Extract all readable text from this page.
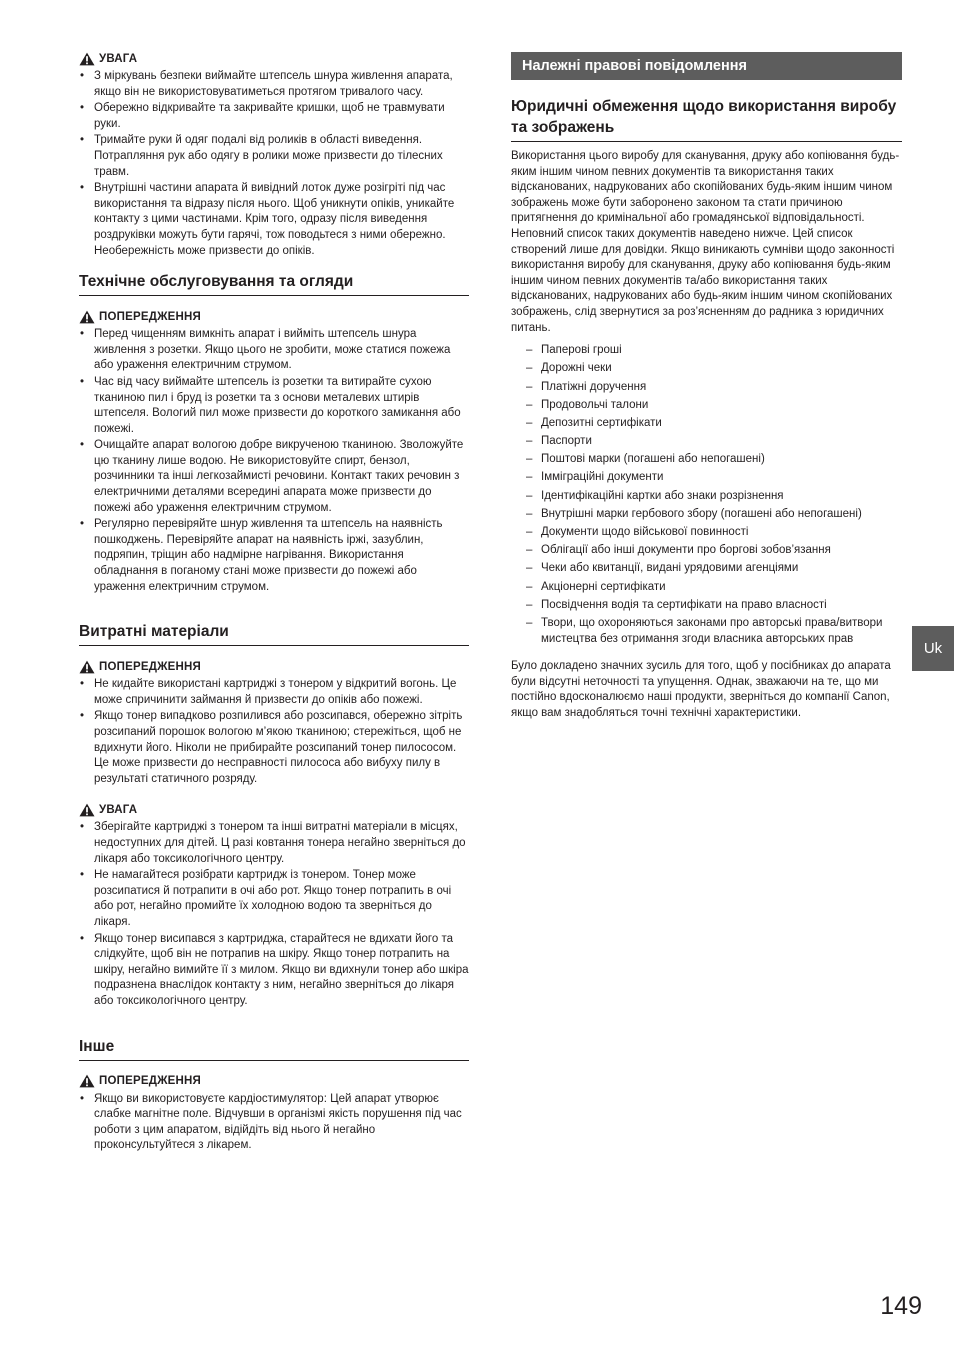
УВАГА
• З міркувань безпеки виймайте штепсель шнура живлення апарата, якщо він не використовуватиметься протягом тривалого часу.
• Обережно відкривайте та закривайте кришки, щоб не травмувати руки.
• Тримайте руки й одяг подалі від роликів в області виведення. Потрапляння рук або одягу в ролики може призвести до тілесних травм.
• Внутрішні частини апарата й вивідний лоток дуже розігріті під час використання та відразу після нього. Щоб уникнути опіків, уникайте контакту з цими частинами. Крім того, одразу після виведення роздруківки можуть бути гарячі, тож поводьтеся з ними обережно. Необережність може призвести до опіків.
Технічне обслуговування та огляди
ПОПЕРЕДЖЕННЯ
• Перед чищенням вимкніть апарат і вийміть штепсель шнура живлення з розетки. Якщо цього не зробити, може статися пожежа або ураження електричним струмом.
• Час від часу виймайте штепсель із розетки та витирайте сухою тканиною пил і бруд із розетки та з основи металевих штирів штепселя. Вологий пил може призвести до короткого замикання або пожежі.
• Очищайте апарат вологою добре викрученою тканиною. Зволожуйте цю тканину лише водою. Не використовуйте спирт, бензол, розчинники та інші легкозаймисті речовини. Контакт таких речовин з електричними деталями всередині апарата може призвести до пожежі або ураження електричним струмом.
• Регулярно перевіряйте шнур живлення та штепсель на наявність пошкоджень. Перевіряйте апарат на наявність іржі, зазублин, подряпин, тріщин або надмірне нагрівання. Використання обладнання в поганому стані може призвести до пожежі або ураження електричним струмом.
Витратні матеріали
ПОПЕРЕДЖЕННЯ
• Не кидайте використані картриджі з тонером у відкритий вогонь. Це може спричинити займання й призвести до опіків або пожежі.
• Якщо тонер випадково розпилився або розсипався, обережно зітріть розсипаний порошок вологою м’якою тканиною; стережіться, щоб не вдихнути його. Ніколи не прибирайте розсипаний тонер пилососом. Це може призвести до несправності пилососа або вибуху пилу в результаті статичного розряду.
УВАГА
• Зберігайте картриджі з тонером та інші витратні матеріали в місцях, недоступних для дітей. Ц разі ковтання тонера негайно зверніться до лікаря або токсикологічного центру.
• Не намагайтеся розібрати картридж із тонером. Тонер може розсипатися й потрапити в очі або рот. Якщо тонер потрапить в очі або рот, негайно промийте їх холодною водою та зверніться до лікаря.
• Якщо тонер висипався з картриджа, старайтеся не вдихати його та слідкуйте, щоб він не потрапив на шкіру. Якщо тонер потрапить на шкіру, негайно вимийте її з милом. Якщо ви вдихнули тонер або шкіра подразнена внаслідок контакту з ним, негайно зверніться до лікаря або токсикологічного центру.
Інше
ПОПЕРЕДЖЕННЯ
• Якщо ви використовуєте кардіостимулятор: Цей апарат утворює слабке магнітне поле. Відчувши в організмі якість порушення під час роботи з цим апаратом, відійдіть від нього й негайно проконсультуйтеся з лікарем.
Належні правові повідомлення
Юридичні обмеження щодо використання виробу та зображень

Використання цього виробу для сканування, друку або копіювання будь-яким іншим чином певних документів та використання таких відсканованих, надрукованих або скопійованих будь-яким іншим чином зображень може бути заборонено законом та стати причиною притягнення до кримінальної або громадянської відповідальності. Неповний список таких документів наведено нижче. Цей список створений лише для довідки. Якщо виникають сумніви щодо законності використання виробу для сканування, друку або копіювання будь-яким іншим чином певних документів та/або використання таких відсканованих, надрукованих або будь-яким іншим чином скопійованих зображень, слід звернутися за роз’ясненням до радника з юридичних питань.

– Паперові гроші
– Дорожні чеки
– Платіжні доручення
– Продовольчі талони
– Депозитні сертифікати
– Паспорти
– Поштові марки (погашені або непогашені)
– Імміграційні документи
– Ідентифікаційні картки або знаки розрізнення
– Внутрішні марки гербового збору (погашені або непогашені)
– Документи щодо військової повинності
– Облігації або інші документи про боргові зобов’язання
– Чеки або квитанції, видані урядовими агенціями
– Акціонерні сертифікати
– Посвідчення водія та сертифікати на право власності
– Твори, що охороняються законами про авторські права/витвори мистецтва без отримання згоди власника авторських прав

Було докладено значних зусиль для того, щоб у посібниках до апарата були відсутні неточності та упущення. Однак, зважаючи на те, що ми постійно вдосконалюємо наші продукти, зверніться до компанії Canon, якщо вам знадобляться точні технічні характеристики.

Uk
149
